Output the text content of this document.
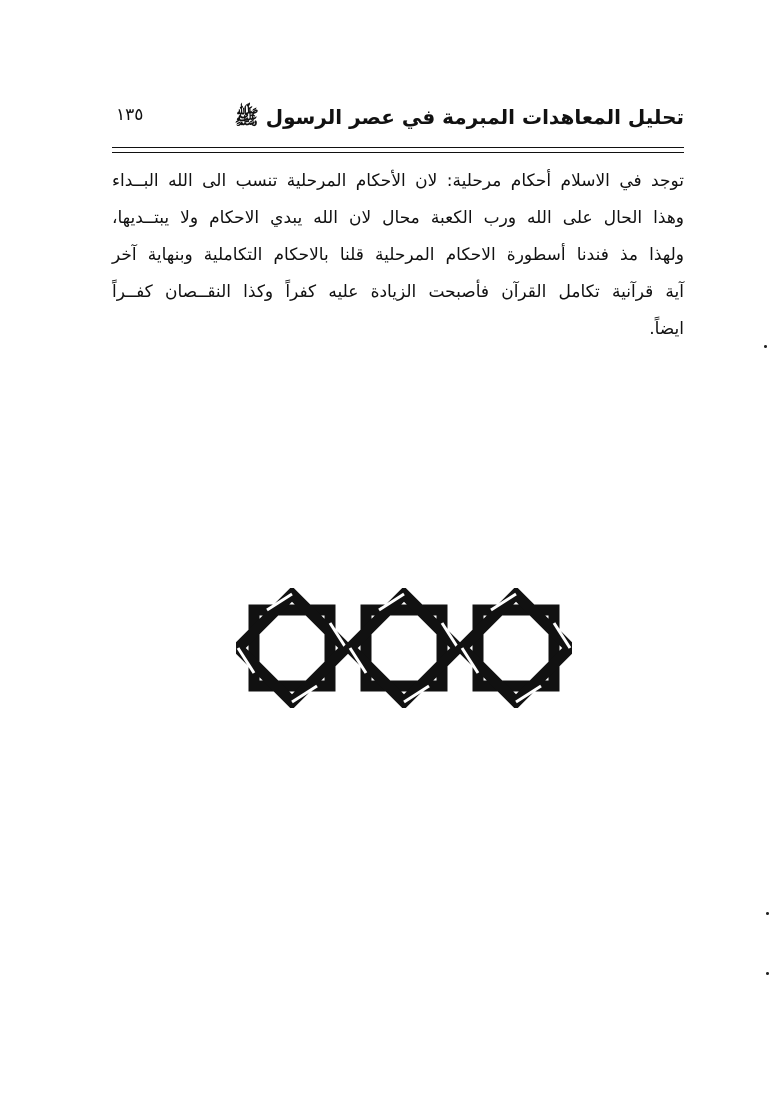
تحليل المعاهدات المبرمة في عصر الرسول ﷺ
١٣٥
توجد في الاسلام أحكام مرحلية: لان الأحكام المرحلية تنسب الى الله البــداء
وهذا الحال على الله ورب الكعبة محال لان الله يبدي الاحكام ولا يبتــديها،
ولهذا مذ فندنا أسطورة الاحكام المرحلية قلنا بالاحكام التكاملية وبنهاية آخر
آية قرآنية تكامل القرآن فأصبحت الزيادة عليه كفراً وكذا النقــصان كفــراً
ايضاً.
